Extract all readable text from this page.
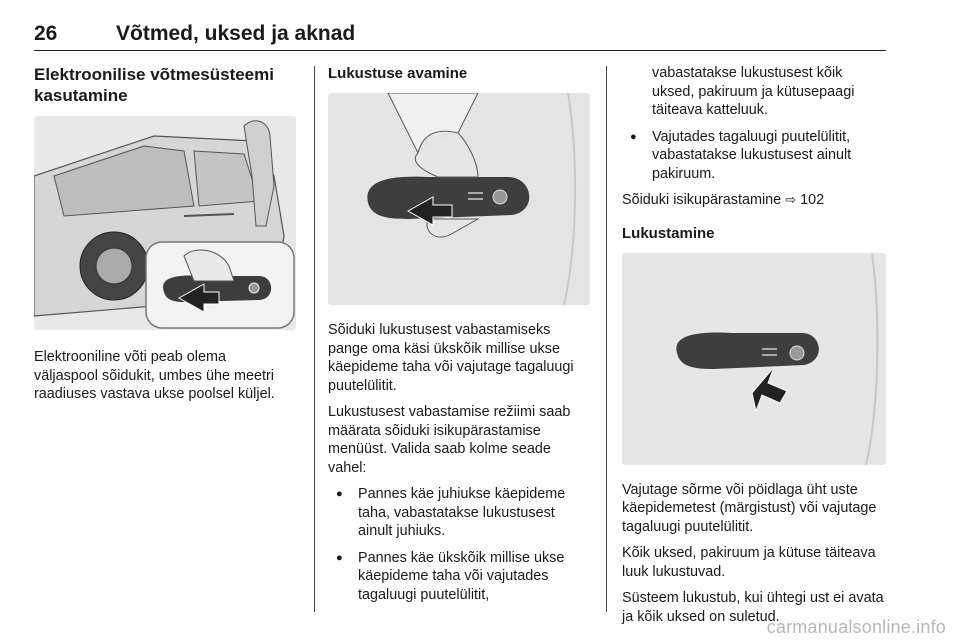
26	Võtmed, uksed ja aknad
Elektroonilise võtmesüsteemi kasutamine

Elektrooniline võti peab olema väljaspool sõidukit, umbes ühe meetri raadiuses vastava ukse poolsel küljel.

Lukustuse avamine

Sõiduki lukustusest vabastamiseks pange oma käsi ükskõik millise ukse käepideme taha või vajutage tagaluugi puutelülitit.

Lukustusest vabastamise režiimi saab määrata sõiduki isikupärastamise menüüst. Valida saab kolme seade vahel:

● Pannes käe juhiukse käepideme taha, vabastatakse lukustusest ainult juhiuks.
● Pannes käe ükskõik millise ukse käepideme taha või vajutades tagaluugi puutelülitit,
vabastatakse lukustusest kõik uksed, pakiruum ja kütusepaagi täiteava katteluuk.
● Vajutades tagaluugi puutelülitit, vabastatakse lukustusest ainult pakiruum.

Sõiduki isikupärastamine ⇨ 102

Lukustamine

Vajutage sõrme või pöidlaga üht uste käepidemetest (märgistust) või vajutage tagaluugi puutelülitit.

Kõik uksed, pakiruum ja kütuse täiteava luuk lukustuvad.

Süsteem lukustub, kui ühtegi ust ei avata ja kõik uksed on suletud.

carmanualsonline.info
